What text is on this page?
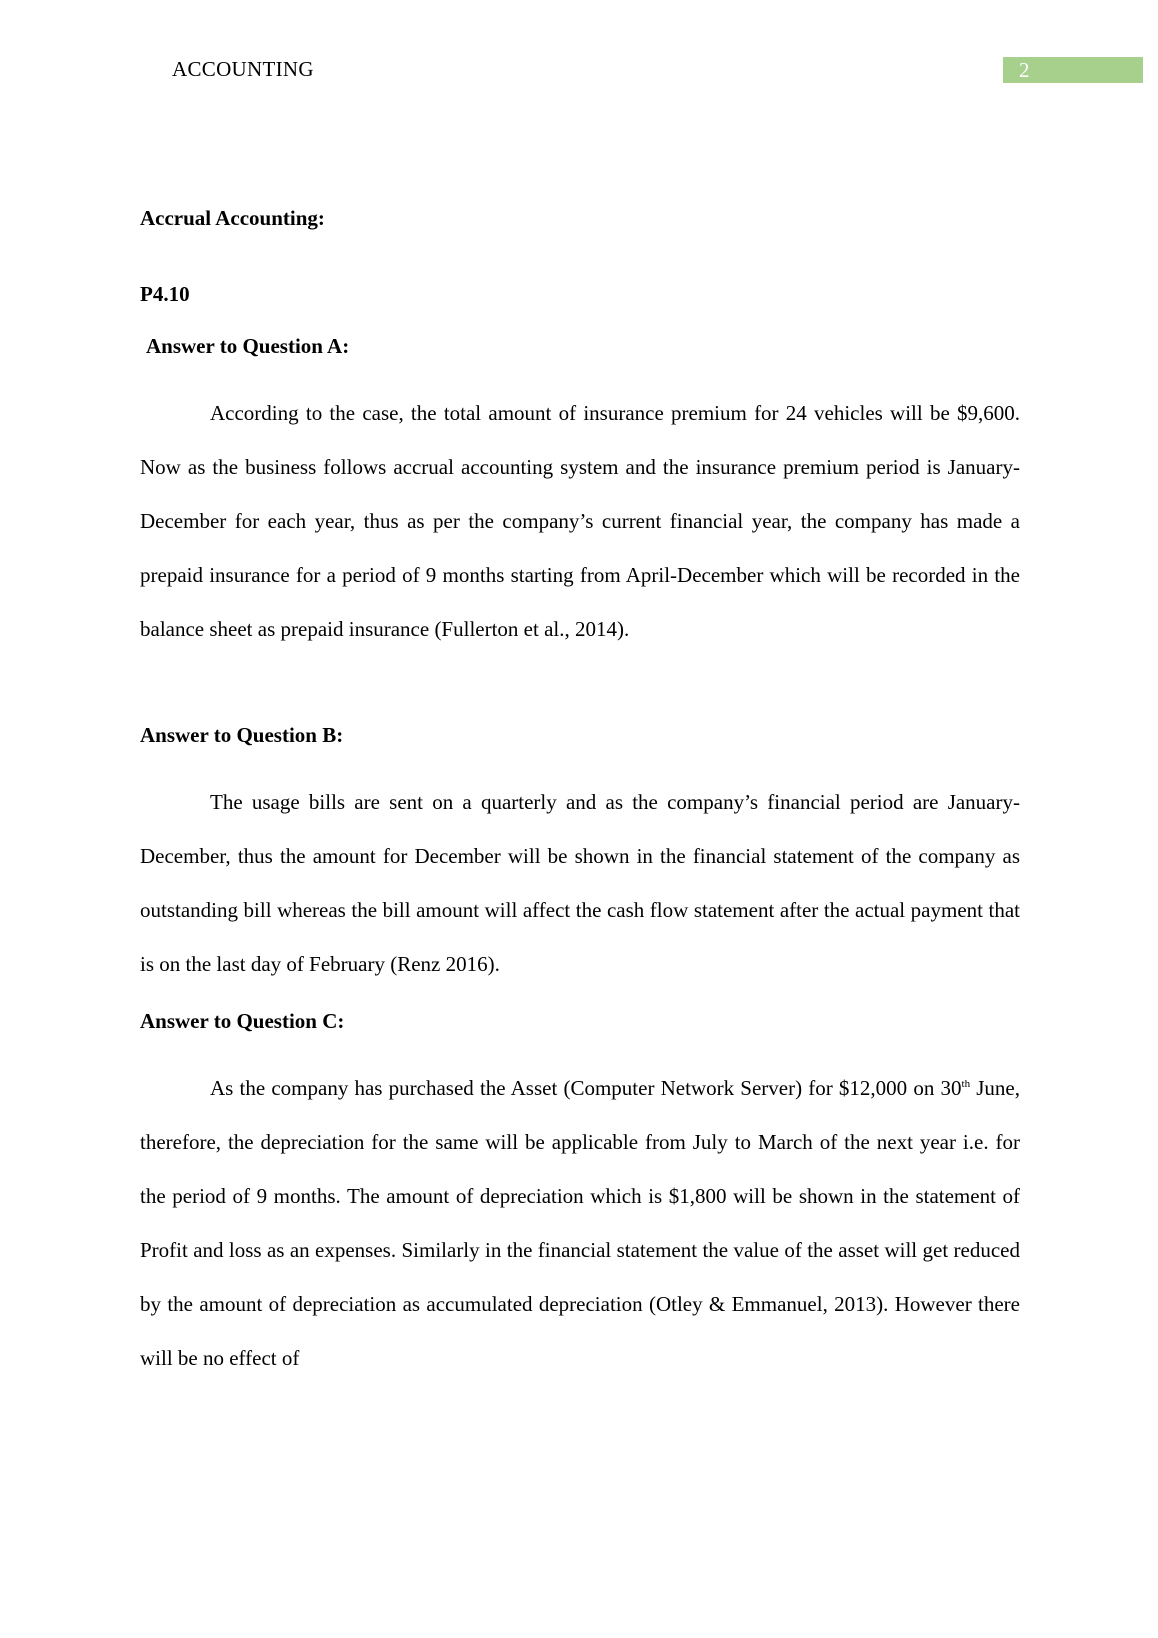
ACCOUNTING	2
Accrual Accounting:
P4.10
Answer to Question A:

According to the case, the total amount of insurance premium for 24 vehicles will be $9,600. Now as the business follows accrual accounting system and the insurance premium period is January-December for each year, thus as per the company’s current financial year, the company has made a prepaid insurance for a period of 9 months starting from April-December which will be recorded in the balance sheet as prepaid insurance (Fullerton et al., 2014).

Answer to Question B:

The usage bills are sent on a quarterly and as the company’s financial period are January-December, thus the amount for December will be shown in the financial statement of the company as outstanding bill whereas the bill amount will affect the cash flow statement after the actual payment that is on the last day of February (Renz 2016).

Answer to Question C:

As the company has purchased the Asset (Computer Network Server) for $12,000 on 30th June, therefore, the depreciation for the same will be applicable from July to March of the next year i.e. for the period of 9 months. The amount of depreciation which is $1,800 will be shown in the statement of Profit and loss as an expenses. Similarly in the financial statement the value of the asset will get reduced by the amount of depreciation as accumulated depreciation (Otley & Emmanuel, 2013). However there will be no effect of
